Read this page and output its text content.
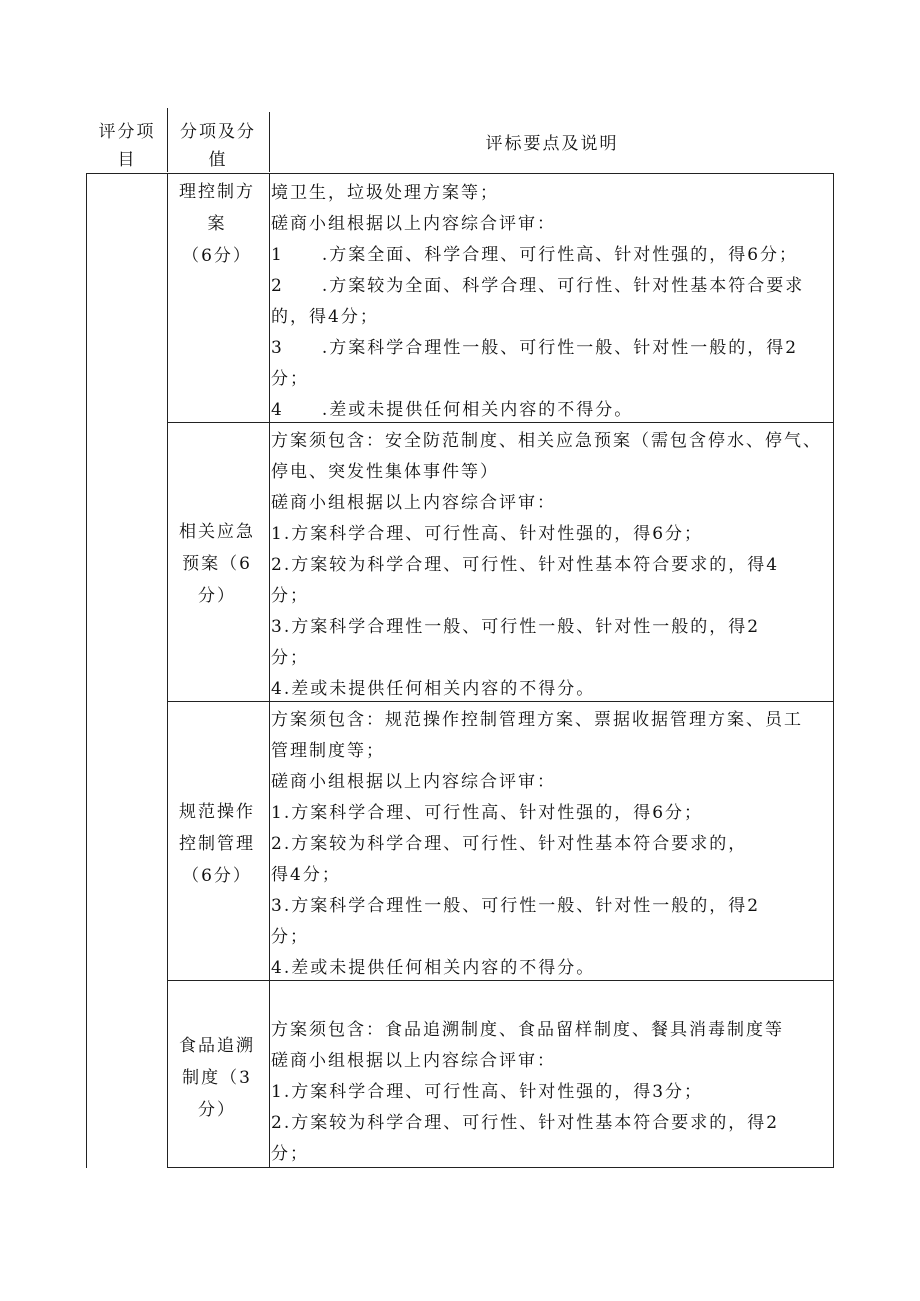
评分项目
分项及分值
评标要点及说明
理控制方
案
（6分）

境卫生，垃圾处理方案等；

磋商小组根据以上内容综合评审：

1　　.方案全面、科学合理、可行性高、针对性强的，得6分；

2　　.方案较为全面、科学合理、可行性、针对性基本符合要求

的，得4分；

3　　.方案科学合理性一般、可行性一般、针对性一般的，得2

分；

4　　.差或未提供任何相关内容的不得分。

相关应急
预案（6
分）

方案须包含：安全防范制度、相关应急预案（需包含停水、停气、

停电、突发性集体事件等）

磋商小组根据以上内容综合评审：

1.方案科学合理、可行性高、针对性强的，得6分；

2.方案较为科学合理、可行性、针对性基本符合要求的，得4

分；

3.方案科学合理性一般、可行性一般、针对性一般的，得2

分；

4.差或未提供任何相关内容的不得分。

规范操作
控制管理
（6分）

方案须包含：规范操作控制管理方案、票据收据管理方案、员工

管理制度等；

磋商小组根据以上内容综合评审：

1.方案科学合理、可行性高、针对性强的，得6分；

2.方案较为科学合理、可行性、针对性基本符合要求的，

得4分；

3.方案科学合理性一般、可行性一般、针对性一般的，得2

分；

4.差或未提供任何相关内容的不得分。

食品追溯
制度（3
分）

方案须包含：食品追溯制度、食品留样制度、餐具消毒制度等

磋商小组根据以上内容综合评审：

1.方案科学合理、可行性高、针对性强的，得3分；

2.方案较为科学合理、可行性、针对性基本符合要求的，得2

分；
